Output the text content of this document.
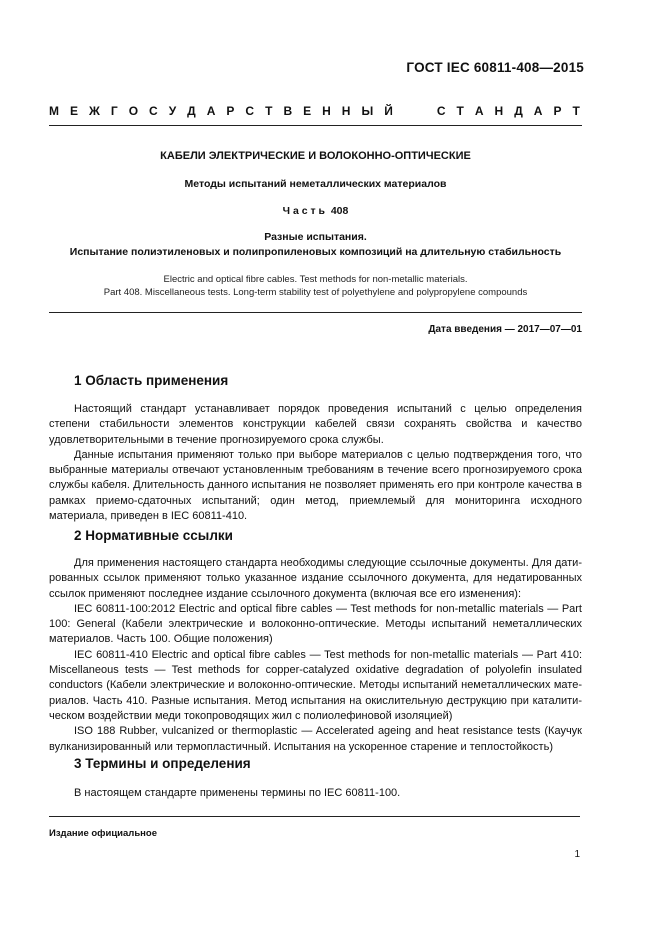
ГОСТ IEC 60811-408—2015
М Е Ж Г О С У Д А Р С Т В Е Н Н Ы Й	С Т А Н Д А Р Т
КАБЕЛИ ЭЛЕКТРИЧЕСКИЕ И ВОЛОКОННО-ОПТИЧЕСКИЕ
Методы испытаний неметаллических материалов
Ч а с т ь  408
Разные испытания.
Испытание полиэтиленовых и полипропиленовых композиций на длительную стабильность
Electric and optical fibre cables. Test methods for non-metallic materials.
Part 408. Miscellaneous tests. Long-term stability test of polyethylene and polypropylene compounds
Дата введения — 2017—07—01
1 Область применения

Настоящий стандарт устанавливает порядок проведения испытаний с целью определения степени стабильности элементов конструкции кабелей связи сохранять свойства и качество удовлетворительными в течение прогнозируемого срока службы.

Данные испытания применяют только при выборе материалов с целью подтверждения того, что выбранные материалы отвечают установленным требованиям в течение всего прогнозируемого срока службы кабеля. Длительность данного испытания не позволяет применять его при контроле качества в рамках приемо-сдаточных испытаний; один метод, приемлемый для мониторинга исходного материала, приведен в IEC 60811-410.

2 Нормативные ссылки

Для применения настоящего стандарта необходимы следующие ссылочные документы. Для датированных ссылок применяют только указанное издание ссылочного документа, для недатированных ссылок применяют последнее издание ссылочного документа (включая все его изменения):

IEC 60811-100:2012 Electric and optical fibre cables — Test methods for non-metallic materials — Part 100: General (Кабели электрические и волоконно-оптические. Методы испытаний неметаллических материалов. Часть 100. Общие положения)

IEC 60811-410 Electric and optical fibre cables — Test methods for non-metallic materials — Part 410: Miscellaneous tests — Test methods for copper-catalyzed oxidative degradation of polyolefin insulated conductors (Кабели электрические и волоконно-оптические. Методы испытаний неметаллических материалов. Часть 410. Разные испытания. Метод испытания на окислительную деструкцию при каталитическом воздействии меди токопроводящих жил с полиолефиновой изоляцией)

ISO 188 Rubber, vulcanized or thermoplastic — Accelerated ageing and heat resistance tests (Каучук вулканизированный или термопластичный. Испытания на ускоренное старение и теплостойкость)

3 Термины и определения

В настоящем стандарте применены термины по IEC 60811-100.

Издание официальное
1
